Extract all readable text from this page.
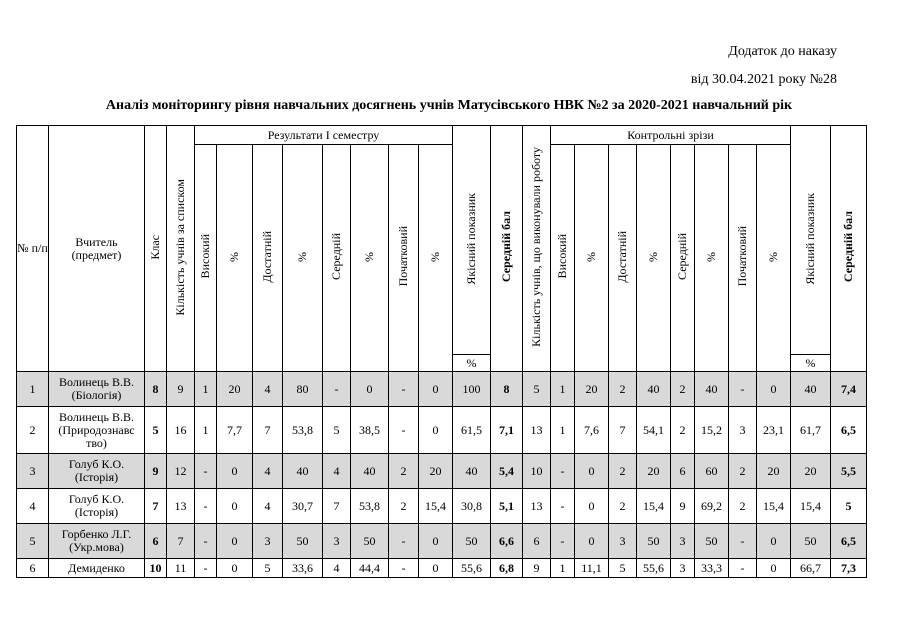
Додаток до наказу
від 30.04.2021 року №28
Аналіз моніторингу рівня навчальних досягнень учнів Матусівського НВК №2 за 2020-2021 навчальний рік
№ п/п	Вчитель (предмет)	Клас	Кількість учнів за списком	Результати І семестру								Якісний показник	Середній бал	Кількість учнів, що виконували роботу	Контрольні зрізи								Якісний показник	Середній бал
				Високий	%	Достатній	%	Середній	%	Початковий	%				Високий	%	Достатній	%	Середній	%	Початковий	%		
												%											%	
1	Волинець В.В.
(Біологія)	8	9	1	20	4	80	-	0	-	0	100	8	5	1	20	2	40	2	40	-	0	40	7,4
2	Волинець В.В.
(Природознавс
тво)	5	16	1	7,7	7	53,8	5	38,5	-	0	61,5	7,1	13	1	7,6	7	54,1	2	15,2	3	23,1	61,7	6,5
3	Голуб К.О.
(Історія)	9	12	-	0	4	40	4	40	2	20	40	5,4	10	-	0	2	20	6	60	2	20	20	5,5
4	Голуб К.О.
(Історія)	7	13	-	0	4	30,7	7	53,8	2	15,4	30,8	5,1	13	-	0	2	15,4	9	69,2	2	15,4	15,4	5
5	Горбенко Л.Г.
(Укр.мова)	6	7	-	0	3	50	3	50	-	0	50	6,6	6	-	0	3	50	3	50	-	0	50	6,5
6	Демиденко	10	11	-	0	5	33,6	4	44,4	-	0	55,6	6,8	9	1	11,1	5	55,6	3	33,3	-	0	66,7	7,3
